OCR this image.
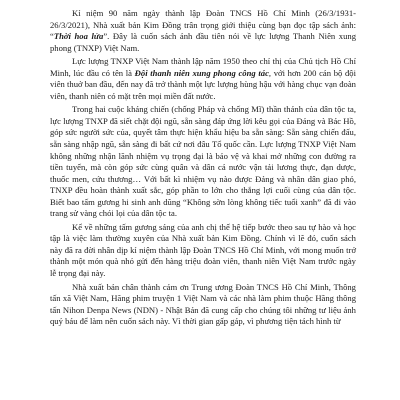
Kỉ niệm 90 năm ngày thành lập Đoàn TNCS Hồ Chí Minh (26/3/1931-26/3/2021), Nhà xuất bản Kim Đồng trân trọng giới thiệu cùng bạn đọc tập sách ảnh: “Thời hoa lửa”. Đây là cuốn sách ảnh đầu tiên nói về lực lượng Thanh Niên xung phong (TNXP) Việt Nam.

Lực lượng TNXP Việt Nam thành lập năm 1950 theo chỉ thị của Chủ tịch Hồ Chí Minh, lúc đầu có tên là Đội thanh niên xung phong công tác, với hơn 200 cán bộ đội viên thuở ban đầu, đến nay đã trở thành một lực lượng hùng hậu với hàng chục vạn đoàn viên, thanh niên có mặt trên mọi miền đất nước.

Trong hai cuộc kháng chiến (chống Pháp và chống Mĩ) thần thánh của dân tộc ta, lực lượng TNXP đã siết chặt đội ngũ, sẵn sàng đáp ứng lời kêu gọi của Đảng và Bác Hồ, góp sức người sức của, quyết tâm thực hiện khẩu hiệu ba sẵn sàng: Sẵn sàng chiến đấu, sẵn sàng nhập ngũ, sẵn sàng đi bất cứ nơi đâu Tổ quốc cần. Lực lượng TNXP Việt Nam không những nhận lãnh nhiệm vụ trọng đại là bảo vệ và khai mở những con đường ra tiền tuyến, mà còn góp sức cùng quân và dân cả nước vận tải lương thực, đạn dược, thuốc men, cứu thương… Với bất kì nhiệm vụ nào được Đảng và nhân dân giao phó, TNXP đều hoàn thành xuất sắc, góp phần to lớn cho thắng lợi cuối cùng của dân tộc. Biết bao tấm gương hi sinh anh dũng “Không sờn lòng không tiếc tuổi xanh” đã đi vào trang sử vàng chói lọi của dân tộc ta.

Kể về những tấm gương sáng của anh chị thế hệ tiếp bước theo sau tự hào và học tập là việc làm thường xuyên của Nhà xuất bản Kim Đồng. Chính vì lẽ đó, cuốn sách này đã ra đời nhân dịp kỉ niệm thành lập Đoàn TNCS Hồ Chí Minh, với mong muốn trở thành một món quà nhỏ gửi đến hàng triệu đoàn viên, thanh niên Việt Nam trước ngày lễ trọng đại này.

Nhà xuất bản chân thành cảm ơn Trung ương Đoàn TNCS Hồ Chí Minh, Thông tấn xã Việt Nam, Hãng phim truyện 1 Việt Nam và các nhà làm phim thuộc Hãng thông tấn Nihon Denpa News (NDN) - Nhật Bản đã cung cấp cho chúng tôi những tư liệu ảnh quý báu để làm nên cuốn sách này. Vì thời gian gấp gáp, vì phương tiện tách hình từ
